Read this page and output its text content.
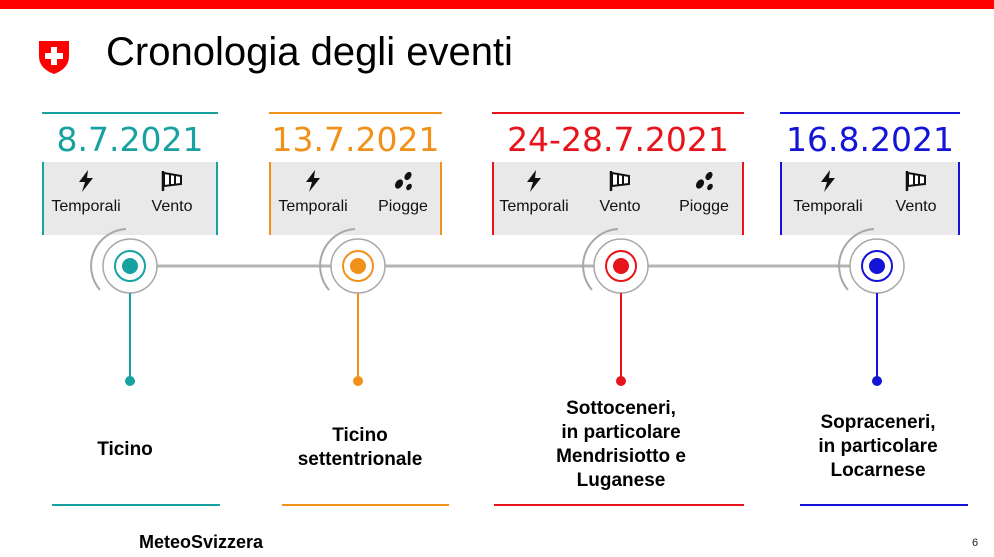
Cronologia degli eventi
8.7.2021
Temporali	Vento
13.7.2021
Temporali	Piogge
24-28.7.2021
Temporali	Vento	Piogge
16.8.2021
Temporali	Vento
Ticino
Ticino
settentrionale
Sottoceneri,
in particolare
Mendrisiotto e
Luganese
Sopraceneri,
in particolare
Locarnese
MeteoSvizzera	6
